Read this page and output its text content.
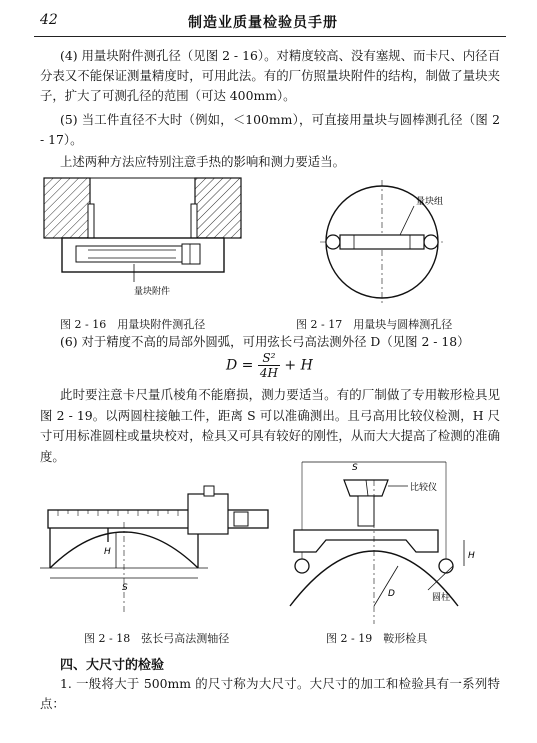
42	制造业质量检验员手册
(4) 用量块附件测孔径（见图 2 - 16）。对精度较高、没有塞规、而卡尺、内径百分表又不能保证测量精度时，可用此法。有的厂仿照量块附件的结构，制做了量块夹子，扩大了可测孔径的范围（可达 400mm）。
(5) 当工件直径不大时（例如，＜100mm），可直接用量块与圆棒测孔径（图 2 - 17）。
上述两种方法应特别注意手热的影响和测力要适当。
量块附件
图 2 - 16　用量块附件测孔径
量块组
图 2 - 17　用量块与圆棒测孔径
(6) 对于精度不高的局部外圆弧，可用弦长弓高法测外径 D（见图 2 - 18）
$D = \frac{\text{S²}}{4H} + H$
此时要注意卡尺量爪棱角不能磨损，测力要适当。有的厂制做了专用鞍形检具见图 2 - 19。以两圆柱接触工件，距离 S 可以准确测出。且弓高用比较仪检测，H 尺寸可用标准圆柱或量块校对，检具又可具有较好的刚性，从而大大提高了检测的准确度。
H
S
图 2 - 18　弦长弓高法测轴径
S
比较仪
D
H
圆柱
图 2 - 19　鞍形检具
四、大尺寸的检验
1. 一般将大于 500mm 的尺寸称为大尺寸。大尺寸的加工和检验具有一系列特点：
